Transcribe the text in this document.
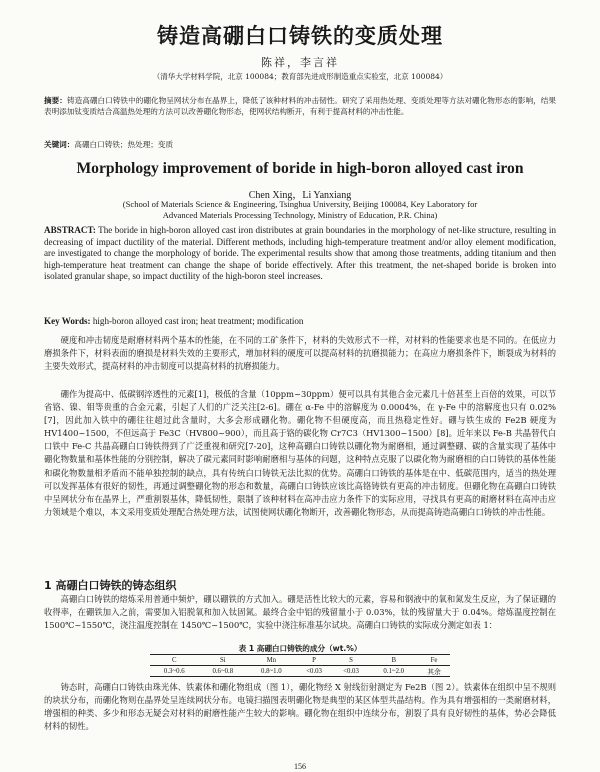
铸造高硼白口铸铁的变质处理
陈祥，李言祥
（清华大学材料学院，北京 100084；教育部先进成形制造重点实验室，北京 100084）
摘要：铸造高硼白口铸铁中的硼化物呈网状分布在晶界上，降低了该种材料的冲击韧性。研究了采用热处理、变质处理等方法对硼化物形态的影响，结果表明添加钛变质结合高温热处理的方法可以改善硼化物形态，使网状结构断开，有利于提高材料的冲击性能。
关键词：高硼白口铸铁；热处理；变质
Morphology improvement of boride in high-boron alloyed cast iron
Chen Xing，Li Yanxiang
(School of Materials Science & Engineering, Tsinghua University, Beijing 100084, Key Laboratory for Advanced Materials Processing Technology, Ministry of Education, P.R. China)
ABSTRACT: The boride in high-boron alloyed cast iron distributes at grain boundaries in the morphology of net-like structure, resulting in decreasing of impact ductility of the material. Different methods, including high-temperature treatment and/or alloy element modification, are investigated to change the morphology of boride. The experimental results show that among those treatments, adding titanium and then high-temperature heat treatment can change the shape of boride effectively. After this treatment, the net-shaped boride is broken into isolated granular shape, so impact ductility of the high-boron steel increases.
Key Words: high-boron alloyed cast iron; heat treatment; modification
硬度和冲击韧度是耐磨材料两个基本的性能，在不同的工矿条件下，材料的失效形式不一样，对材料的性能要求也是不同的。在低应力磨损条件下，材料表面的磨损是材料失效的主要形式，增加材料的硬度可以提高材料的抗磨损能力；在高应力磨损条件下，断裂成为材料的主要失效形式，提高材料的冲击韧度可以提高材料的抗磨损能力。
硼作为提高中、低碳钢淬透性的元素[1]，极低的含量（10ppm~30ppm）便可以具有其他合金元素几十倍甚至上百倍的效果，可以节省铬、镍、钼等贵重的合金元素，引起了人们的广泛关注[2-6]。硼在 α-Fe 中的溶解度为 0.0004%，在 γ-Fe 中的溶解度也只有 0.02%[7]，因此加入铁中的硼往往超过此含量时，大多会形成硼化物。硼化物不但硬度高，而且热稳定性好。硼与铁生成的 Fe2B 硬度为 HV1400~1500，不但远高于 Fe3C（HV800~900），而且高于铬的碳化物 Cr7C3（HV1300~1500）[8]。近年来以 Fe-B 共晶替代白口铁中 Fe-C 共晶高硼白口铸铁得到了广泛重视和研究[7-20]，这种高硼白口铸铁以硼化物为耐磨相，通过调整硼、碳的含量实现了基体中硼化物数量和基体性能的分别控制，解决了碳元素同时影响耐磨相与基体的问题，这种特点克服了以碳化物为耐磨相的白口铸铁的基体性能和碳化物数量相矛盾而不能单独控制的缺点，具有传统白口铸铁无法比拟的优势。高硼白口铸铁的基体是在中、低碳范围内，适当的热处理可以发挥基体有很好的韧性，再通过调整硼化物的形态和数量，高硼白口铸铁应该比高铬铸铁有更高的冲击韧度。但硼化物在高硼白口铸铁中呈网状分布在晶界上，严重割裂基体，降低韧性，限制了该种材料在高冲击应力条件下的实际应用，寻找具有更高的耐磨材料在高冲击应力领域是个难以，本文采用变质处理配合热处理方法，试图使网状硼化物断开，改善硼化物形态，从而提高铸造高硼白口铸铁的冲击性能。
1 高硼白口铸铁的铸态组织
高硼白口铸铁的熔炼采用普通中频炉，硼以硼铁的方式加入。硼是活性比较大的元素，容易和钢液中的氧和氮发生反应，为了保证硼的收得率，在硼铁加入之前，需要加入铝脱氧和加入钛固氮。最终合金中铝的残留量小于 0.03%，钛的残留量大于 0.04%。熔炼温度控制在 1500℃~1550℃，浇注温度控制在 1450℃~1500℃，实验中浇注标准基尔试块。高硼白口铸铁的实际成分测定如表 1：
表 1 高硼白口铸铁的成分（wt.%）
C	Si	Mn	P	S	B	Fe
0.3~0.6	0.6~0.8	0.8~1.0	<0.03	<0.03	0.1~2.0	其余
铸态时，高硼白口铸铁由珠光体、铁素体和硼化物组成（图 1），硼化物经 X 射线衍射测定为 Fe2B（图 2）。铁素体在组织中呈不规则的块状分布，而硼化物则在晶界处呈连续网状分布。电镜扫描图表明硼化物是典型的某区体型共晶结构。作为具有增强相的一类耐磨材料，增强相的种类、多少和形态无疑会对材料的耐磨性能产生较大的影响。硼化物在组织中连续分布，割裂了具有良好韧性的基体，势必会降低材料的韧性。
156
